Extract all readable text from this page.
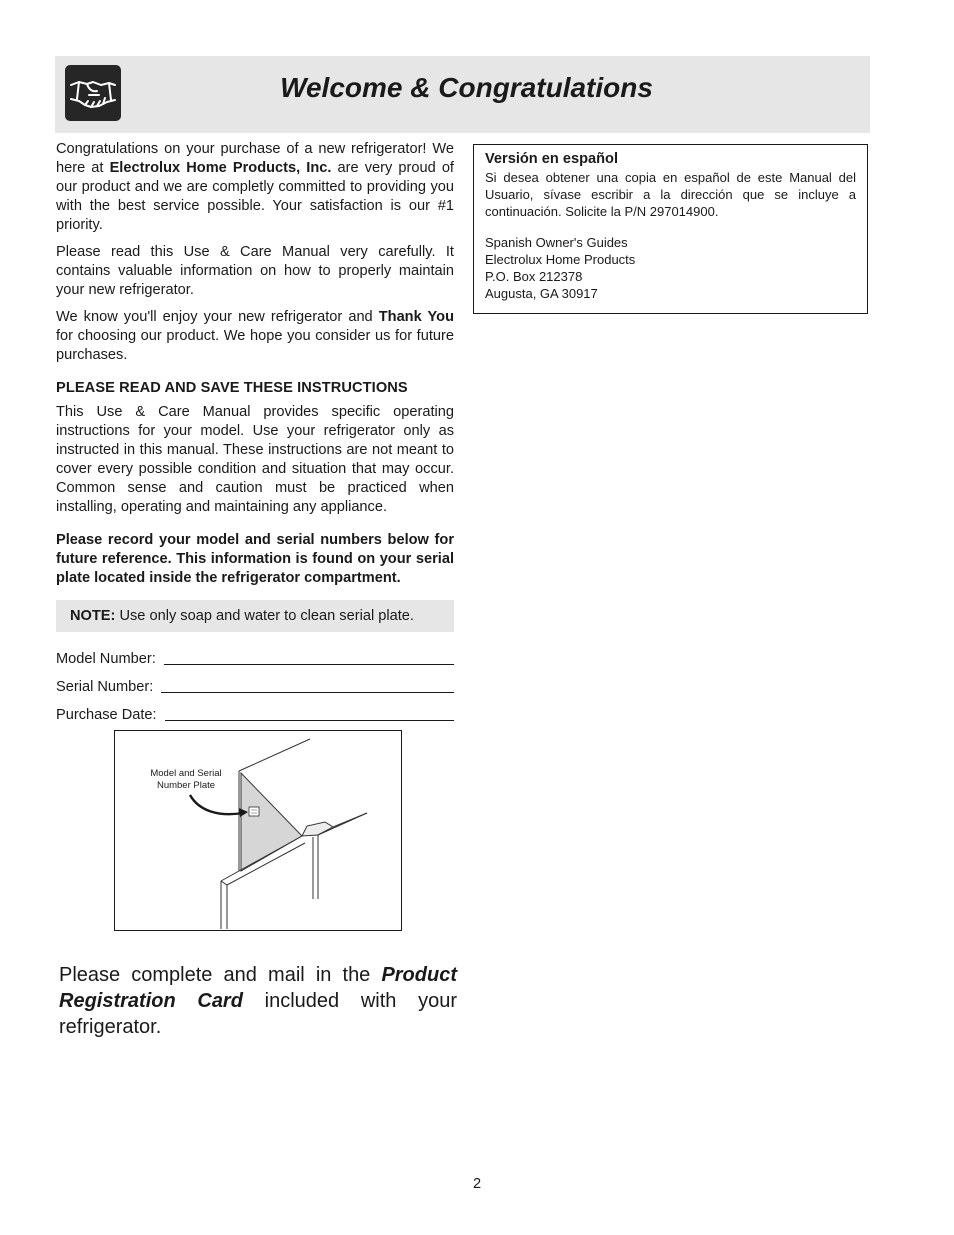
Welcome & Congratulations

Congratulations on your purchase of a new refrigerator! We here at Electrolux Home Products, Inc. are very proud of our product and we are completly committed to providing you with the best service possible. Your satisfaction is our #1 priority.

Please read this Use & Care Manual very carefully. It contains valuable information on how to properly maintain your new refrigerator.

We know you'll enjoy your new refrigerator and Thank You for choosing our product. We hope you consider us for future purchases.

PLEASE READ AND SAVE THESE INSTRUCTIONS

This Use & Care Manual provides specific operating instructions for your model. Use your refrigerator only as instructed in this manual. These instructions are not meant to cover every possible condition and situation that may occur. Common sense and caution must be practiced when installing, operating and maintaining any appliance.

Please record your model and serial numbers below for future reference. This information is found on your serial plate located inside the refrigerator compartment.

NOTE: Use only soap and water to clean serial plate.
Model Number:
Serial Number:
Purchase Date:
Versión en español
Si desea obtener una copia en español de este Manual del Usuario, sívase escribir a la dirección que se incluye a continuación. Solicite la P/N 297014900.
Spanish Owner's Guides
Electrolux Home Products
P.O. Box 212378
Augusta, GA 30917
Model and Serial
Number Plate
Please complete and mail in the Product Registration Card included with your refrigerator.
2
